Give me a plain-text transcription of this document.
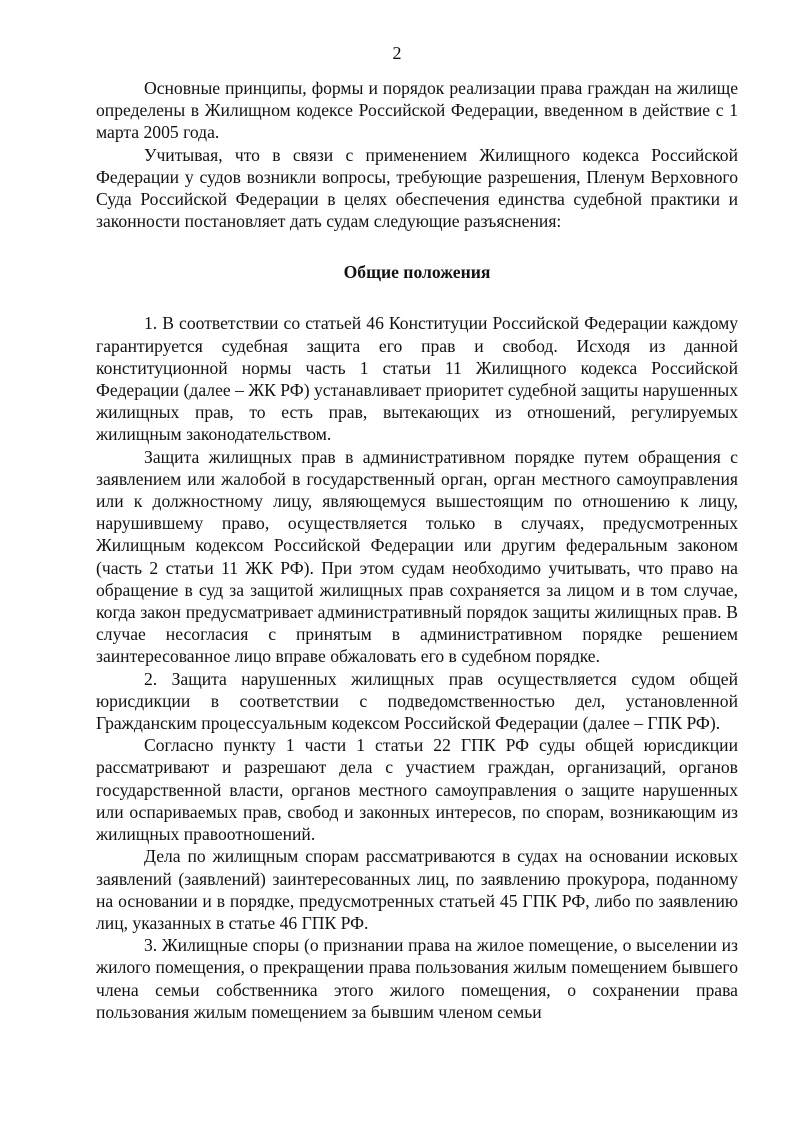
2

Основные принципы, формы и порядок реализации права граждан на жилище определены в Жилищном кодексе Российской Федерации, введенном в действие с 1 марта 2005 года.

Учитывая, что в связи с применением Жилищного кодекса Российской Федерации у судов возникли вопросы, требующие разрешения, Пленум Верховного Суда Российской Федерации в целях обеспечения единства судебной практики и законности постановляет дать судам следующие разъяснения:

Общие положения

1. В соответствии со статьей 46 Конституции Российской Федерации каждому гарантируется судебная защита его прав и свобод. Исходя из данной конституционной нормы часть 1 статьи 11 Жилищного кодекса Российской Федерации (далее – ЖК РФ) устанавливает приоритет судебной защиты нарушенных жилищных прав, то есть прав, вытекающих из отношений, регулируемых жилищным законодательством.

Защита жилищных прав в административном порядке путем обращения с заявлением или жалобой в государственный орган, орган местного самоуправления или к должностному лицу, являющемуся вышестоящим по отношению к лицу, нарушившему право, осуществляется только в случаях, предусмотренных Жилищным кодексом Российской Федерации или другим федеральным законом (часть 2 статьи 11 ЖК РФ). При этом судам необходимо учитывать, что право на обращение в суд за защитой жилищных прав сохраняется за лицом и в том случае, когда закон предусматривает административный порядок защиты жилищных прав. В случае несогласия с принятым в административном порядке решением заинтересованное лицо вправе обжаловать его в судебном порядке.

2. Защита нарушенных жилищных прав осуществляется судом общей юрисдикции в соответствии с подведомственностью дел, установленной Гражданским процессуальным кодексом Российской Федерации (далее – ГПК РФ).

Согласно пункту 1 части 1 статьи 22 ГПК РФ суды общей юрисдикции рассматривают и разрешают дела с участием граждан, организаций, органов государственной власти, органов местного самоуправления о защите нарушенных или оспариваемых прав, свобод и законных интересов, по спорам, возникающим из жилищных правоотношений.

Дела по жилищным спорам рассматриваются в судах на основании исковых заявлений (заявлений) заинтересованных лиц, по заявлению прокурора, поданному на основании и в порядке, предусмотренных статьей 45 ГПК РФ, либо по заявлению лиц, указанных в статье 46 ГПК РФ.

3. Жилищные споры (о признании права на жилое помещение, о выселении из жилого помещения, о прекращении права пользования жилым помещением бывшего члена семьи собственника этого жилого помещения, о сохранении права пользования жилым помещением за бывшим членом семьи
